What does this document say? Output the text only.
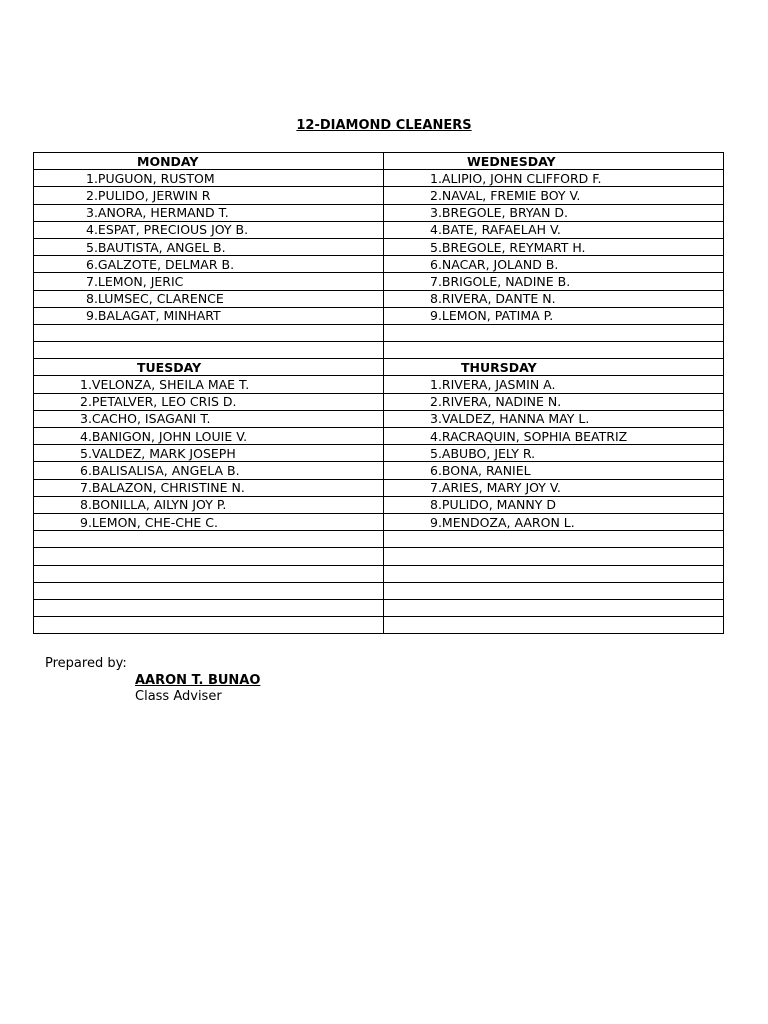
12-DIAMOND CLEANERS
MONDAY	WEDNESDAY
1.PUGUON, RUSTOM	1.ALIPIO, JOHN CLIFFORD F.
2.PULIDO, JERWIN R	2.NAVAL, FREMIE BOY V.
3.ANORA, HERMAND T.	3.BREGOLE, BRYAN D.
4.ESPAT, PRECIOUS JOY B.	4.BATE, RAFAELAH V.
5.BAUTISTA, ANGEL B.	5.BREGOLE, REYMART H.
6.GALZOTE, DELMAR B.	6.NACAR, JOLAND B.
7.LEMON, JERIC	7.BRIGOLE, NADINE B.
8.LUMSEC, CLARENCE	8.RIVERA, DANTE N.
9.BALAGAT, MINHART	9.LEMON, PATIMA P.

TUESDAY	THURSDAY
1.VELONZA, SHEILA MAE T.	1.RIVERA, JASMIN A.
2.PETALVER, LEO CRIS D.	2.RIVERA, NADINE N.
3.CACHO, ISAGANI T.	3.VALDEZ, HANNA MAY L.
4.BANIGON, JOHN LOUIE V.	4.RACRAQUIN, SOPHIA BEATRIZ
5.VALDEZ, MARK JOSEPH	5.ABUBO, JELY R.
6.BALISALISA, ANGELA B.	6.BONA, RANIEL
7.BALAZON, CHRISTINE N.	7.ARIES, MARY JOY V.
8.BONILLA, AILYN JOY P.	8.PULIDO, MANNY D
9.LEMON, CHE-CHE C.	9.MENDOZA, AARON L.

Prepared by:
AARON T. BUNAO
Class Adviser
